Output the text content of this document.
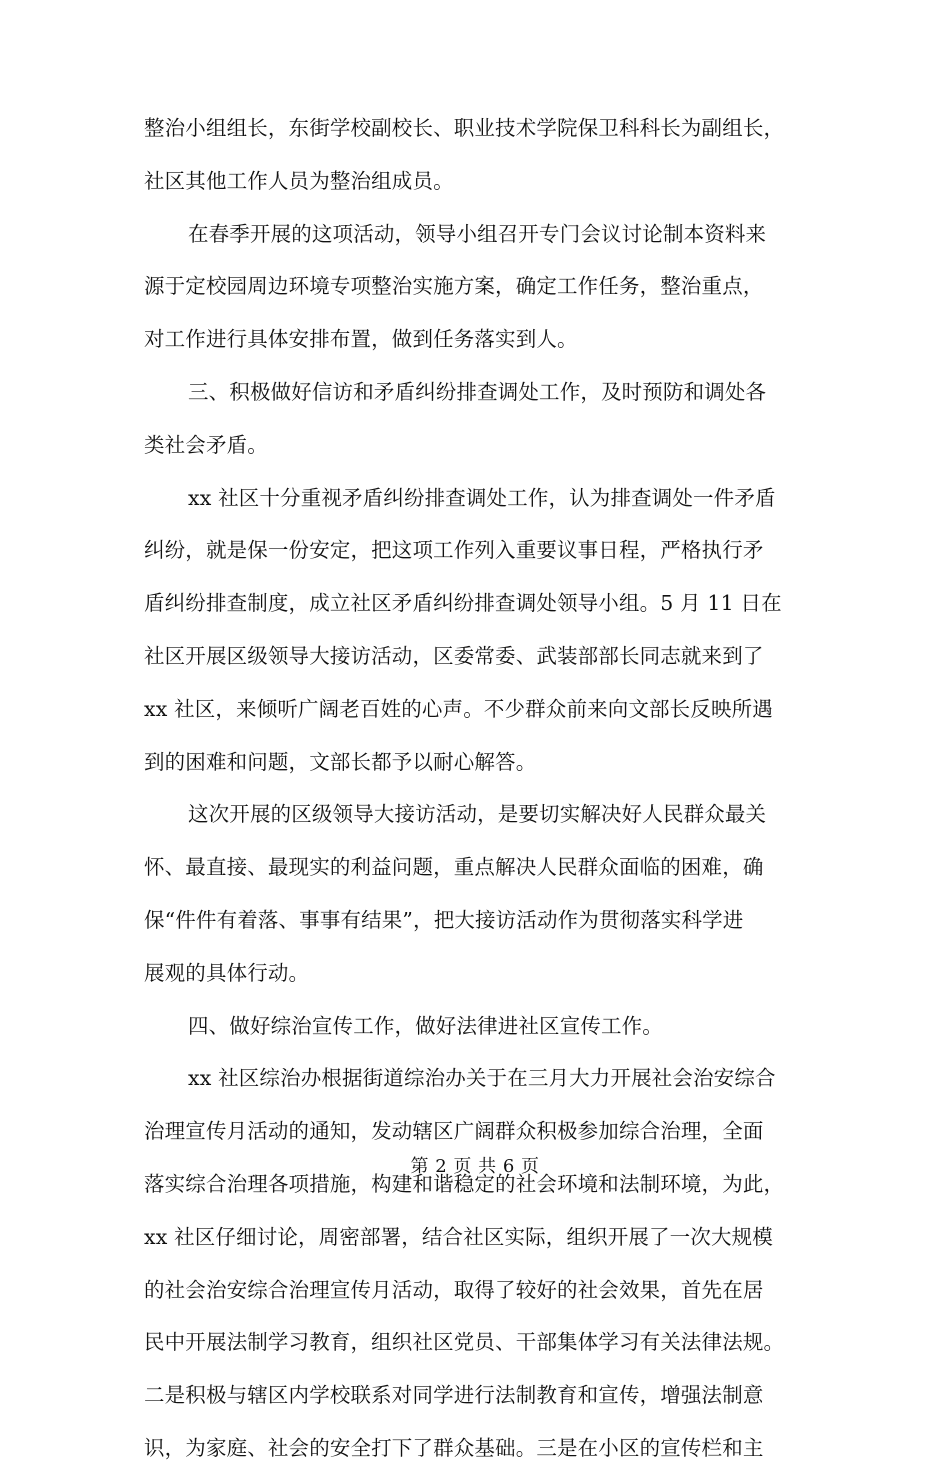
整治小组组长，东街学校副校长、职业技术学院保卫科科长为副组长，
社区其他工作人员为整治组成员。
在春季开展的这项活动，领导小组召开专门会议讨论制本资料来
源于定校园周边环境专项整治实施方案，确定工作任务，整治重点，
对工作进行具体安排布置，做到任务落实到人。
三、积极做好信访和矛盾纠纷排查调处工作，及时预防和调处各
类社会矛盾。
xx 社区十分重视矛盾纠纷排查调处工作，认为排查调处一件矛盾
纠纷，就是保一份安定，把这项工作列入重要议事日程，严格执行矛
盾纠纷排查制度，成立社区矛盾纠纷排查调处领导小组。5 月 11 日在
社区开展区级领导大接访活动，区委常委、武装部部长同志就来到了
xx 社区，来倾听广阔老百姓的心声。不少群众前来向文部长反映所遇
到的困难和问题，文部长都予以耐心解答。
这次开展的区级领导大接访活动，是要切实解决好人民群众最关
怀、最直接、最现实的利益问题，重点解决人民群众面临的困难，确
保“件件有着落、事事有结果”，把大接访活动作为贯彻落实科学进
展观的具体行动。
四、做好综治宣传工作，做好法律进社区宣传工作。
xx 社区综治办根据街道综治办关于在三月大力开展社会治安综合
治理宣传月活动的通知，发动辖区广阔群众积极参加综合治理，全面
落实综合治理各项措施，构建和谐稳定的社会环境和法制环境，为此，
xx 社区仔细讨论，周密部署，结合社区实际，组织开展了一次大规模
的社会治安综合治理宣传月活动，取得了较好的社会效果，首先在居
民中开展法制学习教育，组织社区党员、干部集体学习有关法律法规。
二是积极与辖区内学校联系对同学进行法制教育和宣传，增强法制意
识，为家庭、社会的安全打下了群众基础。三是在小区的宣传栏和主
第 2 页 共 6 页
